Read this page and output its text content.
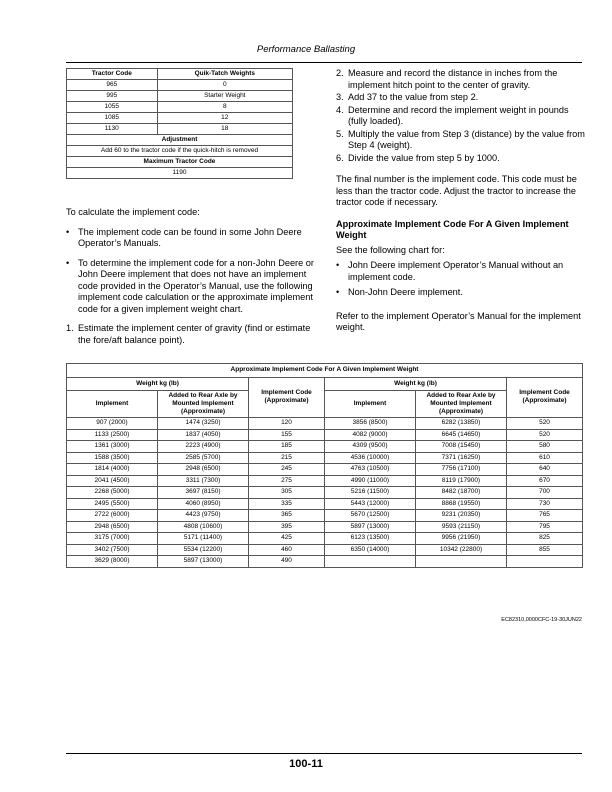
Performance Ballasting
Tractor Code	Quik-Tatch Weights
965	0
995	Starter Weight
1055	8
1085	12
1130	18
Adjustment	
Add 60 to the tractor code if the quick-hitch is removed	
Maximum Tractor Code	
1190	

To calculate the implement code:

• The implement code can be found in some John Deere Operator’s Manuals.

• To determine the implement code for a non-John Deere or John Deere implement that does not have an implement code provided in the Operator’s Manual, use the following implement code calculation or the approximate implement code for a given implement weight chart.

1. Estimate the implement center of gravity (find or estimate the fore/aft balance point).

2. Measure and record the distance in inches from the implement hitch point to the center of gravity.

3. Add 37 to the value from step 2.

4. Determine and record the implement weight in pounds (fully loaded).

5. Multiply the value from Step 3 (distance) by the value from Step 4 (weight).

6. Divide the value from step 5 by 1000.

The final number is the implement code. This code must be less than the tractor code. Adjust the tractor to increase the tractor code if necessary.

Approximate Implement Code For A Given Implement Weight

See the following chart for:

• John Deere implement Operator’s Manual without an implement code.

• Non-John Deere implement.

Refer to the implement Operator’s Manual for the implement weight.

Approximate Implement Code For A Given Implement Weight					
Weight kg (lb)		Implement Code (Approximate)	Weight kg (lb)		Implement Code (Approximate)
Implement	Added to Rear Axle by Mounted Implement (Approximate)		Implement	Added to Rear Axle by Mounted Implement (Approximate)	
907 (2000)	1474 (3250)	120	3856 (8500)	6282 (13850)	520
1133 (2500)	1837 (4050)	155	4082 (9000)	6645 (14650)	520
1361 (3000)	2223 (4900)	185	4309 (9500)	7008 (15450)	580
1588 (3500)	2585 (5700)	215	4536 (10000)	7371 (16250)	610
1814 (4000)	2948 (6500)	245	4763 (10500)	7756 (17100)	640
2041 (4500)	3311 (7300)	275	4990 (11000)	8119 (17900)	670
2268 (5000)	3697 (8150)	305	5216 (11500)	8482 (18700)	700
2495 (5500)	4060 (8950)	335	5443 (12000)	8868 (19550)	730
2722 (6000)	4423 (9750)	365	5670 (12500)	9231 (20350)	765
2948 (6500)	4808 (10600)	395	5897 (13000)	9593 (21150)	795
3175 (7000)	5171 (11400)	425	6123 (13500)	9956 (21950)	825
3402 (7500)	5534 (12200)	460	6350 (14000)	10342 (22800)	855
3629 (8000)	5897 (13000)	490			
EC82310,0000CFC-19-30JUN22
100-11
